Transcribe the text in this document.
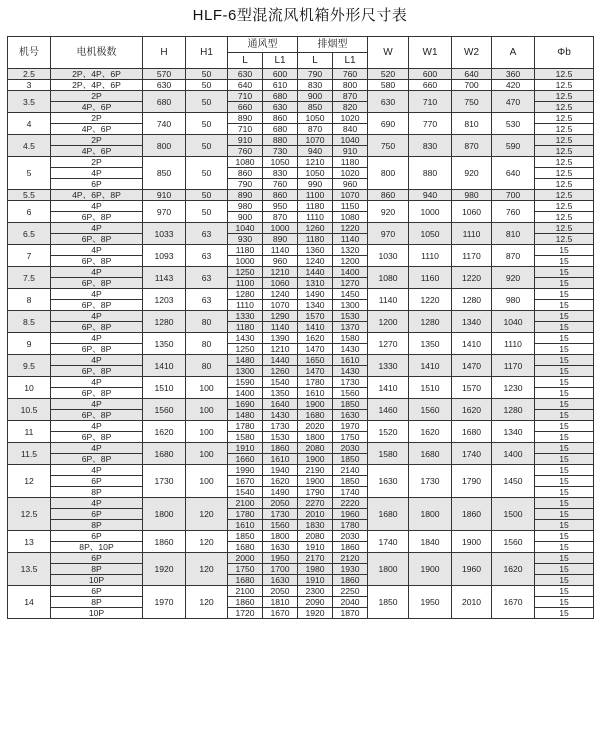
HLF-6型混流风机箱外形尺寸表
机号	电机极数	H	H1	通风型		排烟型		W	W1	W2	A	Φb
				L	L1	L	L1					
2.5	2P、4P、6P	570	50	630	600	790	760	520	600	640	360	12.5
3	2P、4P、6P	630	50	640	610	830	800	580	660	700	420	12.5
3.5	2P	680	50	710	680	900	870	630	710	750	470	12.5
	4P、6P			660	630	850	820					12.5
4	2P	740	50	890	860	1050	1020	690	770	810	530	12.5
	4P、6P			710	680	870	840					12.5
4.5	2P	800	50	910	880	1070	1040	750	830	870	590	12.5
	4P、6P			760	730	940	910					12.5
5	2P	850	50	1080	1050	1210	1180	800	880	920	640	12.5
	4P			860	830	1050	1020					12.5
	6P			790	760	990	960					12.5
5.5	4P、6P、8P	910	50	890	860	1100	1070	860	940	980	700	12.5
6	4P	970	50	980	950	1180	1150	920	1000	1060	760	12.5
	6P、8P			900	870	1110	1080					12.5
6.5	4P	1033	63	1040	1000	1260	1220	970	1050	1110	810	12.5
	6P、8P			930	890	1180	1140					12.5
7	4P	1093	63	1180	1140	1360	1320	1030	1110	1170	870	15
	6P、8P			1000	960	1240	1200					15
7.5	4P	1143	63	1250	1210	1440	1400	1080	1160	1220	920	15
	6P、8P			1100	1060	1310	1270					15
8	4P	1203	63	1280	1240	1490	1450	1140	1220	1280	980	15
	6P、8P			1110	1070	1340	1300					15
8.5	4P	1280	80	1330	1290	1570	1530	1200	1280	1340	1040	15
	6P、8P			1180	1140	1410	1370					15
9	4P	1350	80	1430	1390	1620	1580	1270	1350	1410	1110	15
	6P、8P			1250	1210	1470	1430					15
9.5	4P	1410	80	1480	1440	1650	1610	1330	1410	1470	1170	15
	6P、8P			1300	1260	1470	1430					15
10	4P	1510	100	1590	1540	1780	1730	1410	1510	1570	1230	15
	6P、8P			1400	1350	1610	1560					15
10.5	4P	1560	100	1690	1640	1900	1850	1460	1560	1620	1280	15
	6P、8P			1480	1430	1680	1630					15
11	4P	1620	100	1780	1730	2020	1970	1520	1620	1680	1340	15
	6P、8P			1580	1530	1800	1750					15
11.5	4P	1680	100	1910	1860	2080	2030	1580	1680	1740	1400	15
	6P、8P			1660	1610	1900	1850					15
12	4P	1730	100	1990	1940	2190	2140	1630	1730	1790	1450	15
	6P			1670	1620	1900	1850					15
	8P			1540	1490	1790	1740					15
12.5	4P	1800	120	2100	2050	2270	2220	1680	1800	1860	1500	15
	6P			1780	1730	2010	1960					15
	8P			1610	1560	1830	1780					15
13	6P	1860	120	1850	1800	2080	2030	1740	1840	1900	1560	15
	8P、10P			1680	1630	1910	1860					15
13.5	6P	1920	120	2000	1950	2170	2120	1800	1900	1960	1620	15
	8P			1750	1700	1980	1930					15
	10P			1680	1630	1910	1860					15
14	6P	1970	120	2100	2050	2300	2250	1850	1950	2010	1670	15
	8P			1860	1810	2090	2040					15
	10P			1720	1670	1920	1870					15
